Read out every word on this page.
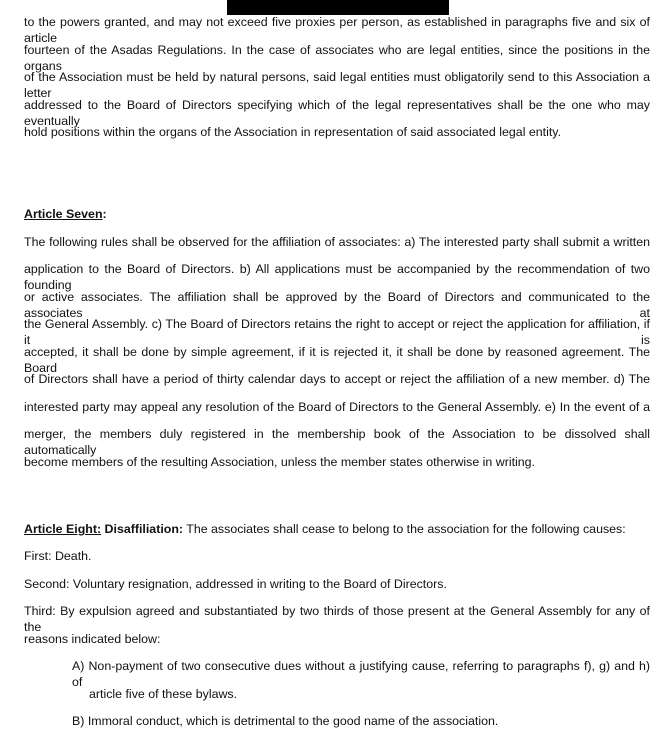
to the powers granted, and may not exceed five proxies per person, as established in paragraphs five and six of article
fourteen of the Asadas Regulations. In the case of associates who are legal entities, since the positions in the organs
of the Association must be held by natural persons, said legal entities must obligatorily send to this Association a letter
addressed to the Board of Directors specifying which of the legal representatives shall be the one who may eventually
hold positions within the organs of the Association in representation of said associated legal entity.
Article Seven:
The following rules shall be observed for the affiliation of associates: a) The interested party shall submit a written
application to the Board of Directors. b) All applications must be accompanied by the recommendation of two founding
or active associates. The affiliation shall be approved by the Board of Directors and communicated to the associates at
the General Assembly. c) The Board of Directors retains the right to accept or reject the application for affiliation, if it is
accepted, it shall be done by simple agreement, if it is rejected it, it shall be done by reasoned agreement. The Board
of Directors shall have a period of thirty calendar days to accept or reject the affiliation of a new member. d) The
interested party may appeal any resolution of the Board of Directors to the General Assembly. e) In the event of a
merger, the members duly registered in the membership book of the Association to be dissolved shall automatically
become members of the resulting Association, unless the member states otherwise in writing.
Article Eight: Disaffiliation: The associates shall cease to belong to the association for the following causes:
First: Death.
Second: Voluntary resignation, addressed in writing to the Board of Directors.
Third: By expulsion agreed and substantiated by two thirds of those present at the General Assembly for any of the
reasons indicated below:
A) Non-payment of two consecutive dues without a justifying cause, referring to paragraphs f), g) and h) of
article five of these bylaws.
B) Immoral conduct, which is detrimental to the good name of the association.
